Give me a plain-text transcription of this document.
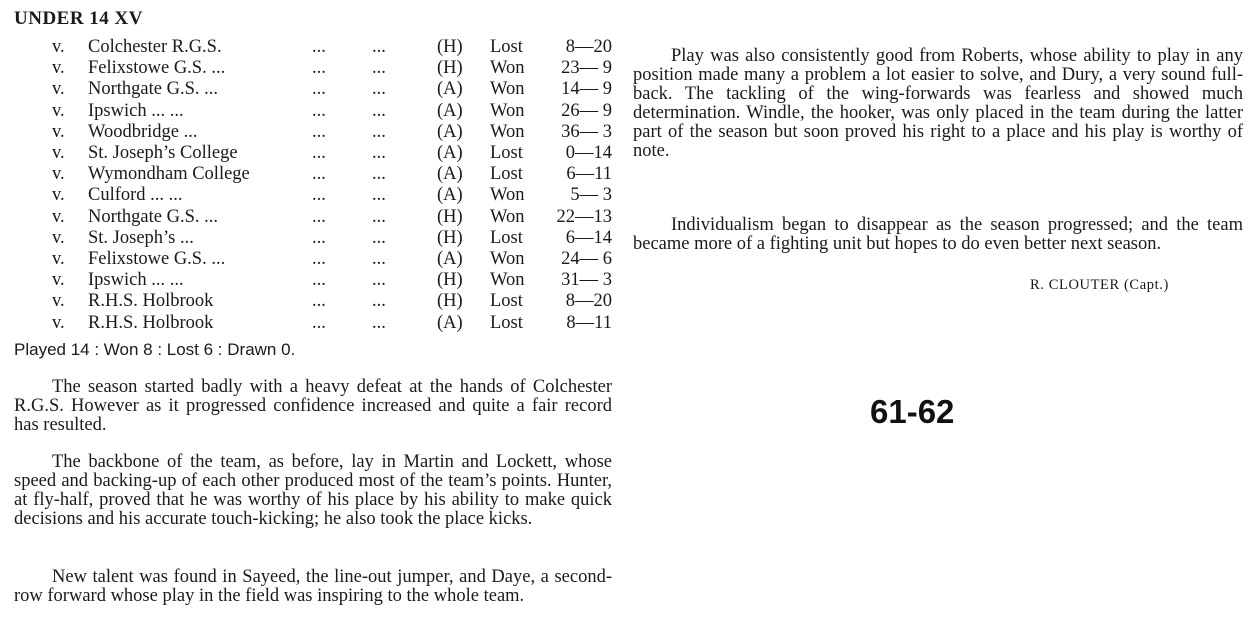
UNDER 14 XV
v. Colchester R.G.S.	... ...	(H) Lost	8—20
v. Felixstowe G.S. ...	... ...	(H) Won	23— 9
v. Northgate G.S. ...	... ...	(A) Won	14— 9
v. Ipswich ... ...	... ...	(A) Won	26— 9
v. Woodbridge ...	... ...	(A) Won	36— 3
v. St. Joseph’s College	... ...	(A) Lost	0—14
v. Wymondham College	... ...	(A) Lost	6—11
v. Culford ... ...	... ...	(A) Won	5— 3
v. Northgate G.S. ...	... ...	(H) Won	22—13
v. St. Joseph’s ...	... ...	(H) Lost	6—14
v. Felixstowe G.S. ...	... ...	(A) Won	24— 6
v. Ipswich ... ...	... ...	(H) Won	31— 3
v. R.H.S. Holbrook	... ...	(H) Lost	8—20
v. R.H.S. Holbrook	... ...	(A) Lost	8—11
Played 14 : Won 8 : Lost 6 : Drawn 0.

The season started badly with a heavy defeat at the hands of Colchester R.G.S. However as it progressed confidence increased and quite a fair record has resulted.

The backbone of the team, as before, lay in Martin and Lockett, whose speed and backing-up of each other produced most of the team’s points. Hunter, at fly-half, proved that he was worthy of his place by his ability to make quick decisions and his accurate touch-kicking; he also took the place kicks.

New talent was found in Sayeed, the line-out jumper, and Daye, a second-row forward whose play in the field was inspiring to the whole team.

Play was also consistently good from Roberts, whose ability to play in any position made many a problem a lot easier to solve, and Dury, a very sound full-back. The tackling of the wing-forwards was fearless and showed much determination. Windle, the hooker, was only placed in the team during the latter part of the season but soon proved his right to a place and his play is worthy of note.

Individualism began to disappear as the season progressed; and the team became more of a fighting unit but hopes to do even better next season.

R. CLOUTER (Capt.)
61-62
